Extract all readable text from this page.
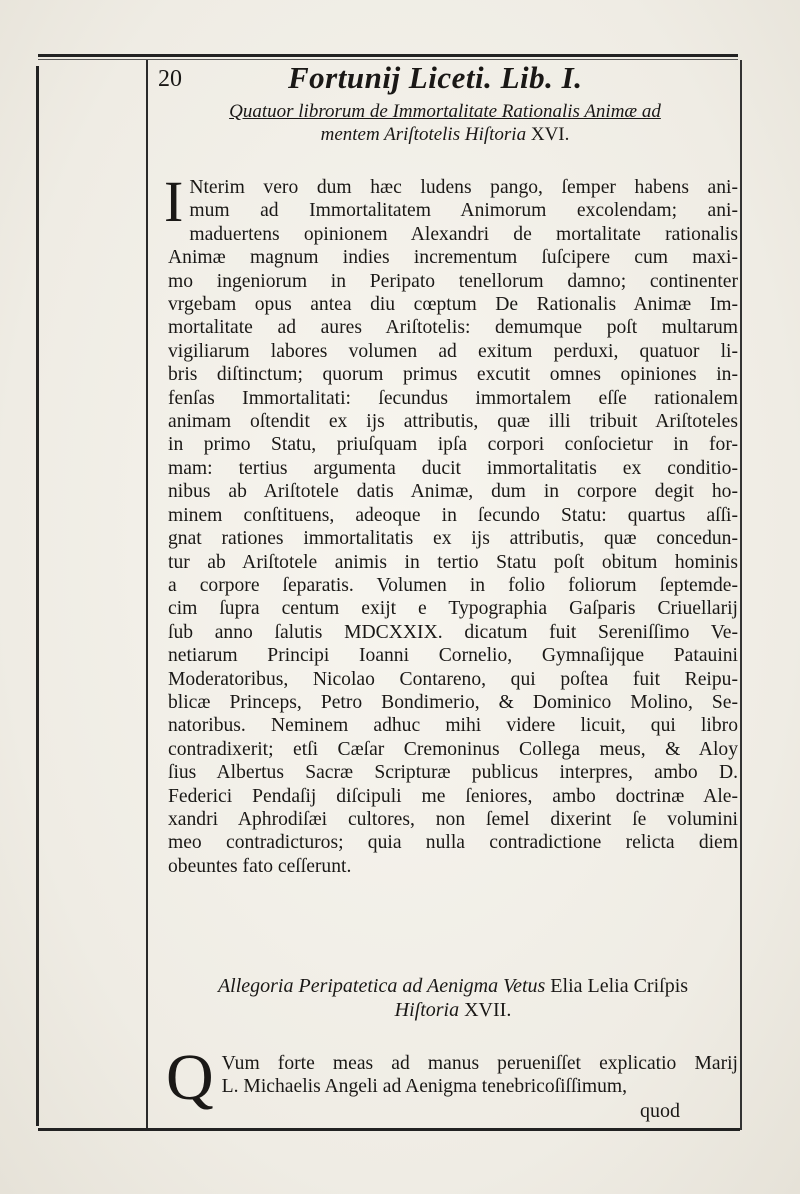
20	Fortunij Liceti. Lib. I.
Quatuor librorum de Immortalitate Rationalis Animæ ad
mentem Ariſtotelis Hiſtoria XVI.
I Nterim vero dum hæc ludens pango, ſemper habens ani-
mum ad Immortalitatem Animorum excolendam; ani-
maduertens opinionem Alexandri de mortalitate rationalis
Animæ magnum indies incrementum ſuſcipere cum maxi-
mo ingeniorum in Peripato tenellorum damno; continenter
vrgebam opus antea diu cœptum De Rationalis Animæ Im-
mortalitate ad aures Ariſtotelis: demumque poſt multarum
vigiliarum labores volumen ad exitum perduxi, quatuor li-
bris diſtinctum; quorum primus excutit omnes opiniones in-
fenſas Immortalitati: ſecundus immortalem eſſe rationalem
animam oſtendit ex ijs attributis, quæ illi tribuit Ariſtoteles
in primo Statu, priuſquam ipſa corpori conſocietur in for-
mam: tertius argumenta ducit immortalitatis ex conditio-
nibus ab Ariſtotele datis Animæ, dum in corpore degit ho-
minem conſtituens, adeoque in ſecundo Statu: quartus aſſi-
gnat rationes immortalitatis ex ijs attributis, quæ concedun-
tur ab Ariſtotele animis in tertio Statu poſt obitum hominis
a corpore ſeparatis. Volumen in folio foliorum ſeptemde-
cim ſupra centum exijt e Typographia Gaſparis Criuellarij
ſub anno ſalutis MDCXXIX. dicatum fuit Sereniſſimo Ve-
netiarum Principi Ioanni Cornelio, Gymnaſijque Patauini
Moderatoribus, Nicolao Contareno, qui poſtea fuit Reipu-
blicæ Princeps, Petro Bondimerio, & Dominico Molino, Se-
natoribus. Neminem adhuc mihi videre licuit, qui libro
contradixerit; etſi Cæſar Cremoninus Collega meus, & Aloy
ſius Albertus Sacræ Scripturæ publicus interpres, ambo D.
Federici Pendaſij diſcipuli me ſeniores, ambo doctrinæ Ale-
xandri Aphrodiſæi cultores, non ſemel dixerint ſe volumini
meo contradicturos; quia nulla contradictione relicta diem
obeuntes fato ceſſerunt.
Allegoria Peripatetica ad Aenigma Vetus Elia Lelia Criſpis
Hiſtoria XVII.
Q Vum forte meas ad manus perueniſſet explicatio Marij
L. Michaelis Angeli ad Aenigma tenebricoſiſſimum,
quod
